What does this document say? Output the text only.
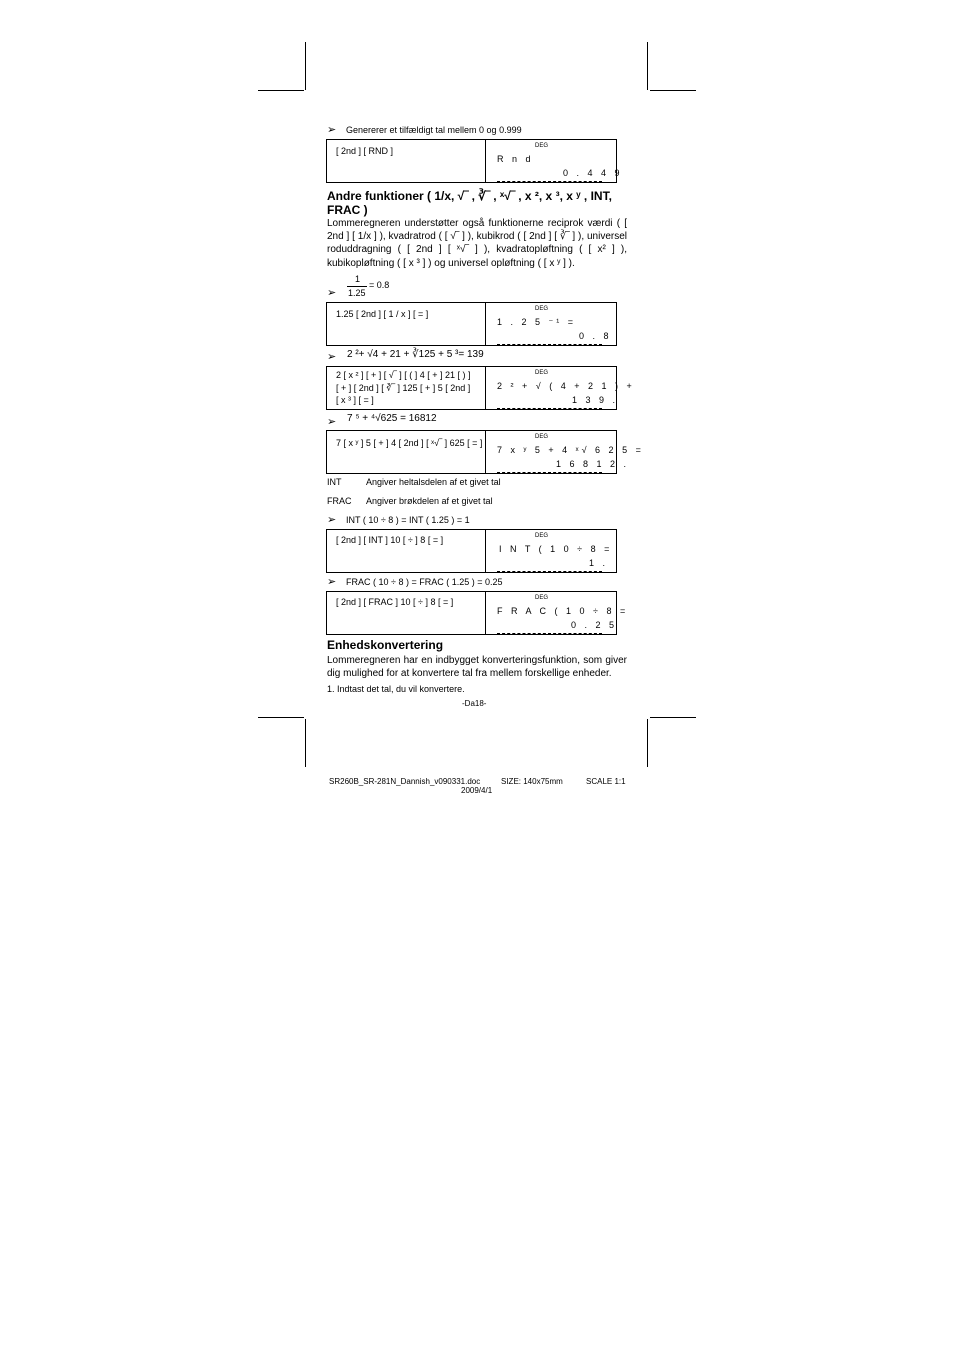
➢ Genererer et tilfældigt tal mellem 0 og 0.999
[ 2nd ] [ RND ]	DEG
R n d
0 . 4 4 9
Andre funktioner ( 1/x, √‾ , ∛‾ , ˣ√‾ , x ², x ³, x ʸ , INT,
FRAC )

Lommeregneren understøtter også funktionerne reciprok værdi ( [ 2nd ] [ 1/x ] ), kvadratrod ( [ √‾ ] ), kubikrod ( [ 2nd ] [ ∛‾ ] ), universel roduddragning ( [ 2nd ] [ ˣ√‾ ] ), kvadratopløftning ( [ x² ] ), kubikopløftning ( [ x ³ ] ) og universel opløftning ( [ x ʸ ] ).

➢
1
1.25
= 0.8
1.25 [ 2nd ] [ 1 / x ] [ = ]	DEG
1 . 2 5 ⁻¹ =
0 . 8
➢ 2 ²+ √4 + 21 + ∛125 + 5 ³= 139
2 [ x ² ] [ + ] [ √‾ ] [ ( ] 4 [ + ] 21 [ ) ]
[ + ] [ 2nd ] [ ∛‾ ] 125 [ + ] 5 [ 2nd ]
[ x ³ ] [ = ]
DEG
2 ² + √ ( 4 + 2 1 ) +
1 3 9 .
➢ 7 ⁵ + ⁴√625 = 16812
7 [ x ʸ ] 5 [ + ] 4 [ 2nd ] [ ˣ√‾ ] 625 [ = ]
DEG
7 x ʸ 5 + 4 ˣ√ 6 2 5 =
1 6 8 1 2 .
INT	Angiver heltalsdelen af et givet tal
FRAC Angiver brøkdelen af et givet tal
➢ INT ( 10 ÷ 8 ) = INT ( 1.25 ) = 1
[ 2nd ] [ INT ] 10 [ ÷ ] 8 [ = ]	DEG
I N T ( 1 0 ÷ 8 =
1 .
➢ FRAC ( 10 ÷ 8 ) = FRAC ( 1.25 ) = 0.25
[ 2nd ] [ FRAC ] 10 [ ÷ ] 8 [ = ]	DEG
F R A C ( 1 0 ÷ 8 =
0 . 2 5
Enhedskonvertering

Lommeregneren har en indbygget konverteringsfunktion, som giver dig mulighed for at konvertere tal fra mellem forskellige enheder.

1. Indtast det tal, du vil konvertere.
-Da18-
SR260B_SR-281N_Dannish_v090331.doc	SIZE: 140x75mm	SCALE 1:1
2009/4/1
